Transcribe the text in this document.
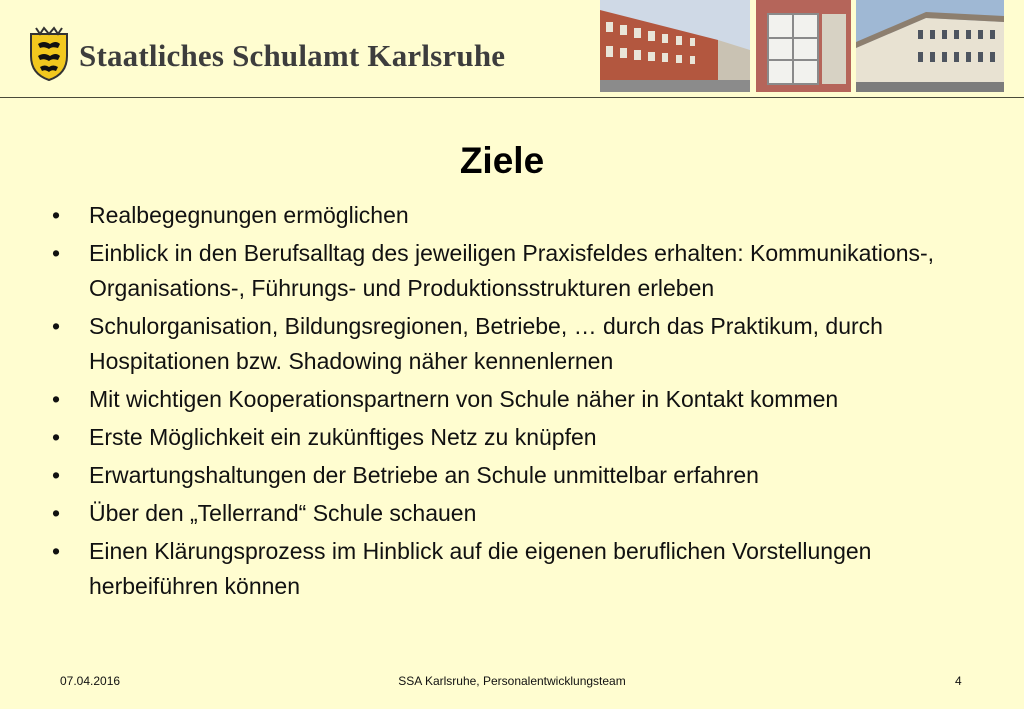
Staatliches Schulamt Karlsruhe
Ziele
• Realbegegnungen ermöglichen
• Einblick in den Berufsalltag des jeweiligen Praxisfeldes erhalten: Kommunikations-, Organisations-, Führungs- und Produktionsstrukturen erleben
• Schulorganisation, Bildungsregionen, Betriebe, … durch das Praktikum, durch Hospitationen bzw. Shadowing näher kennenlernen
• Mit wichtigen Kooperationspartnern von Schule näher in Kontakt kommen
• Erste Möglichkeit ein zukünftiges Netz zu knüpfen
• Erwartungshaltungen der Betriebe an Schule unmittelbar erfahren
• Über den „Tellerrand“ Schule schauen
• Einen Klärungsprozess im Hinblick auf die eigenen beruflichen Vorstellungen herbeiführen können
07.04.2016	SSA Karlsruhe, Personalentwicklungsteam	4
